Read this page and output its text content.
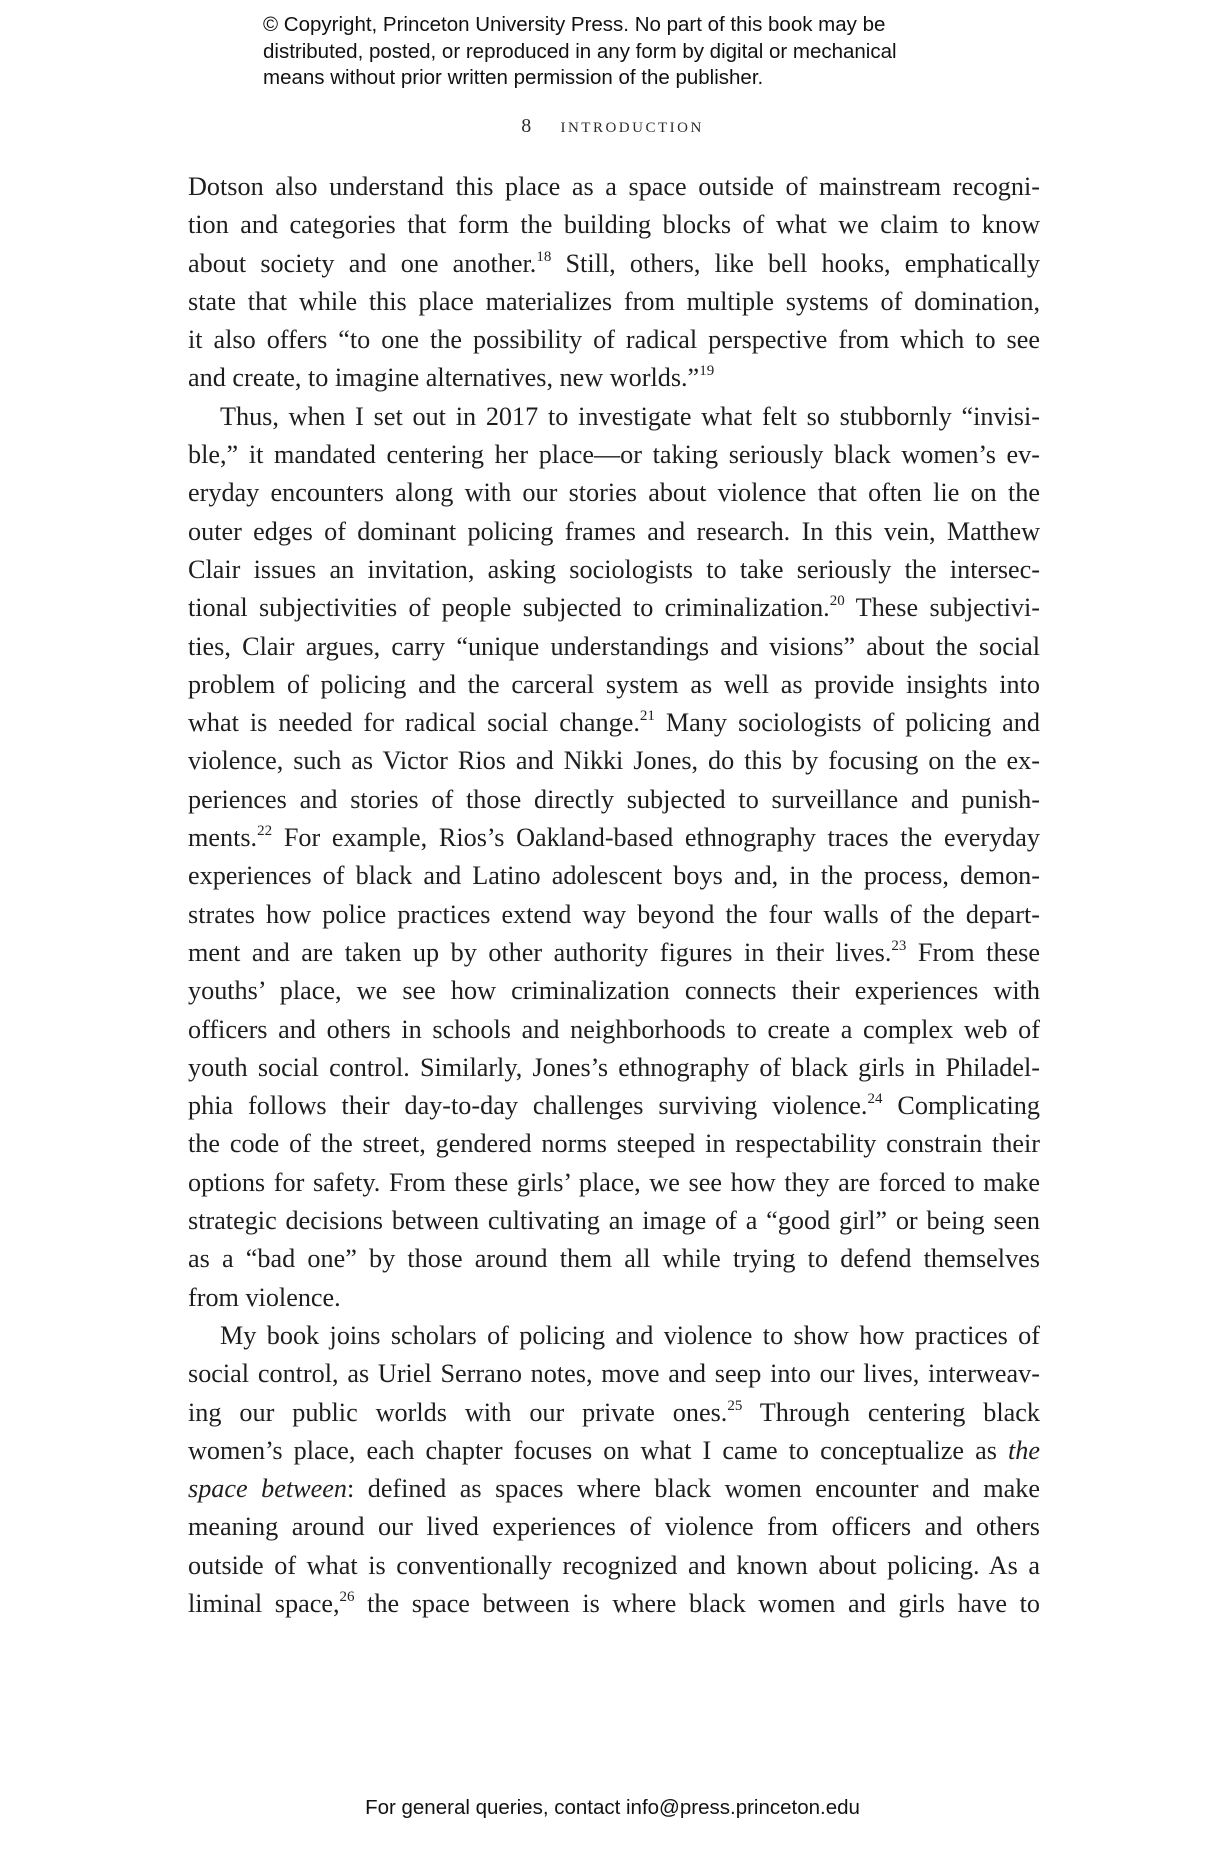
© Copyright, Princeton University Press. No part of this book may be
distributed, posted, or reproduced in any form by digital or mechanical
means without prior written permission of the publisher.
8 introduction
Dotson also understand this place as a space outside of mainstream recogni-
tion and categories that form the building blocks of what we claim to know
about society and one another.$^{18}$ Still, others, like bell hooks, emphatically
state that while this place materializes from multiple systems of domination,
it also offers “to one the possibility of radical perspective from which to see
and create, to imagine alternatives, new worlds.”$^{19}$
Thus, when I set out in 2017 to investigate what felt so stubbornly “invisi-
ble,” it mandated centering her place—or taking seriously black women’s ev-
eryday encounters along with our stories about violence that often lie on the
outer edges of dominant policing frames and research. In this vein, Matthew
Clair issues an invitation, asking sociologists to take seriously the intersec-
tional subjectivities of people subjected to criminalization.$^{20}$ These subjectivi-
ties, Clair argues, carry “unique understandings and visions” about the social
problem of policing and the carceral system as well as provide insights into
what is needed for radical social change.$^{21}$ Many sociologists of policing and
violence, such as Victor Rios and Nikki Jones, do this by focusing on the ex-
periences and stories of those directly subjected to surveillance and punish-
ments.$^{22}$ For example, Rios’s Oakland-based ethnography traces the everyday
experiences of black and Latino adolescent boys and, in the process, demon-
strates how police practices extend way beyond the four walls of the depart-
ment and are taken up by other authority figures in their lives.$^{23}$ From these
youths’ place, we see how criminalization connects their experiences with
officers and others in schools and neighborhoods to create a complex web of
youth social control. Similarly, Jones’s ethnography of black girls in Philadel-
phia follows their day-to-day challenges surviving violence.$^{24}$ Complicating
the code of the street, gendered norms steeped in respectability constrain their
options for safety. From these girls’ place, we see how they are forced to make
strategic decisions between cultivating an image of a “good girl” or being seen
as a “bad one” by those around them all while trying to defend themselves
from violence.
My book joins scholars of policing and violence to show how practices of
social control, as Uriel Serrano notes, move and seep into our lives, interweav-
ing our public worlds with our private ones.$^{25}$ Through centering black
women’s place, each chapter focuses on what I came to conceptualize as the
space between: defined as spaces where black women encounter and make
meaning around our lived experiences of violence from officers and others
outside of what is conventionally recognized and known about policing. As a
liminal space,$^{26}$ the space between is where black women and girls have to
For general queries, contact info@press.princeton.edu
